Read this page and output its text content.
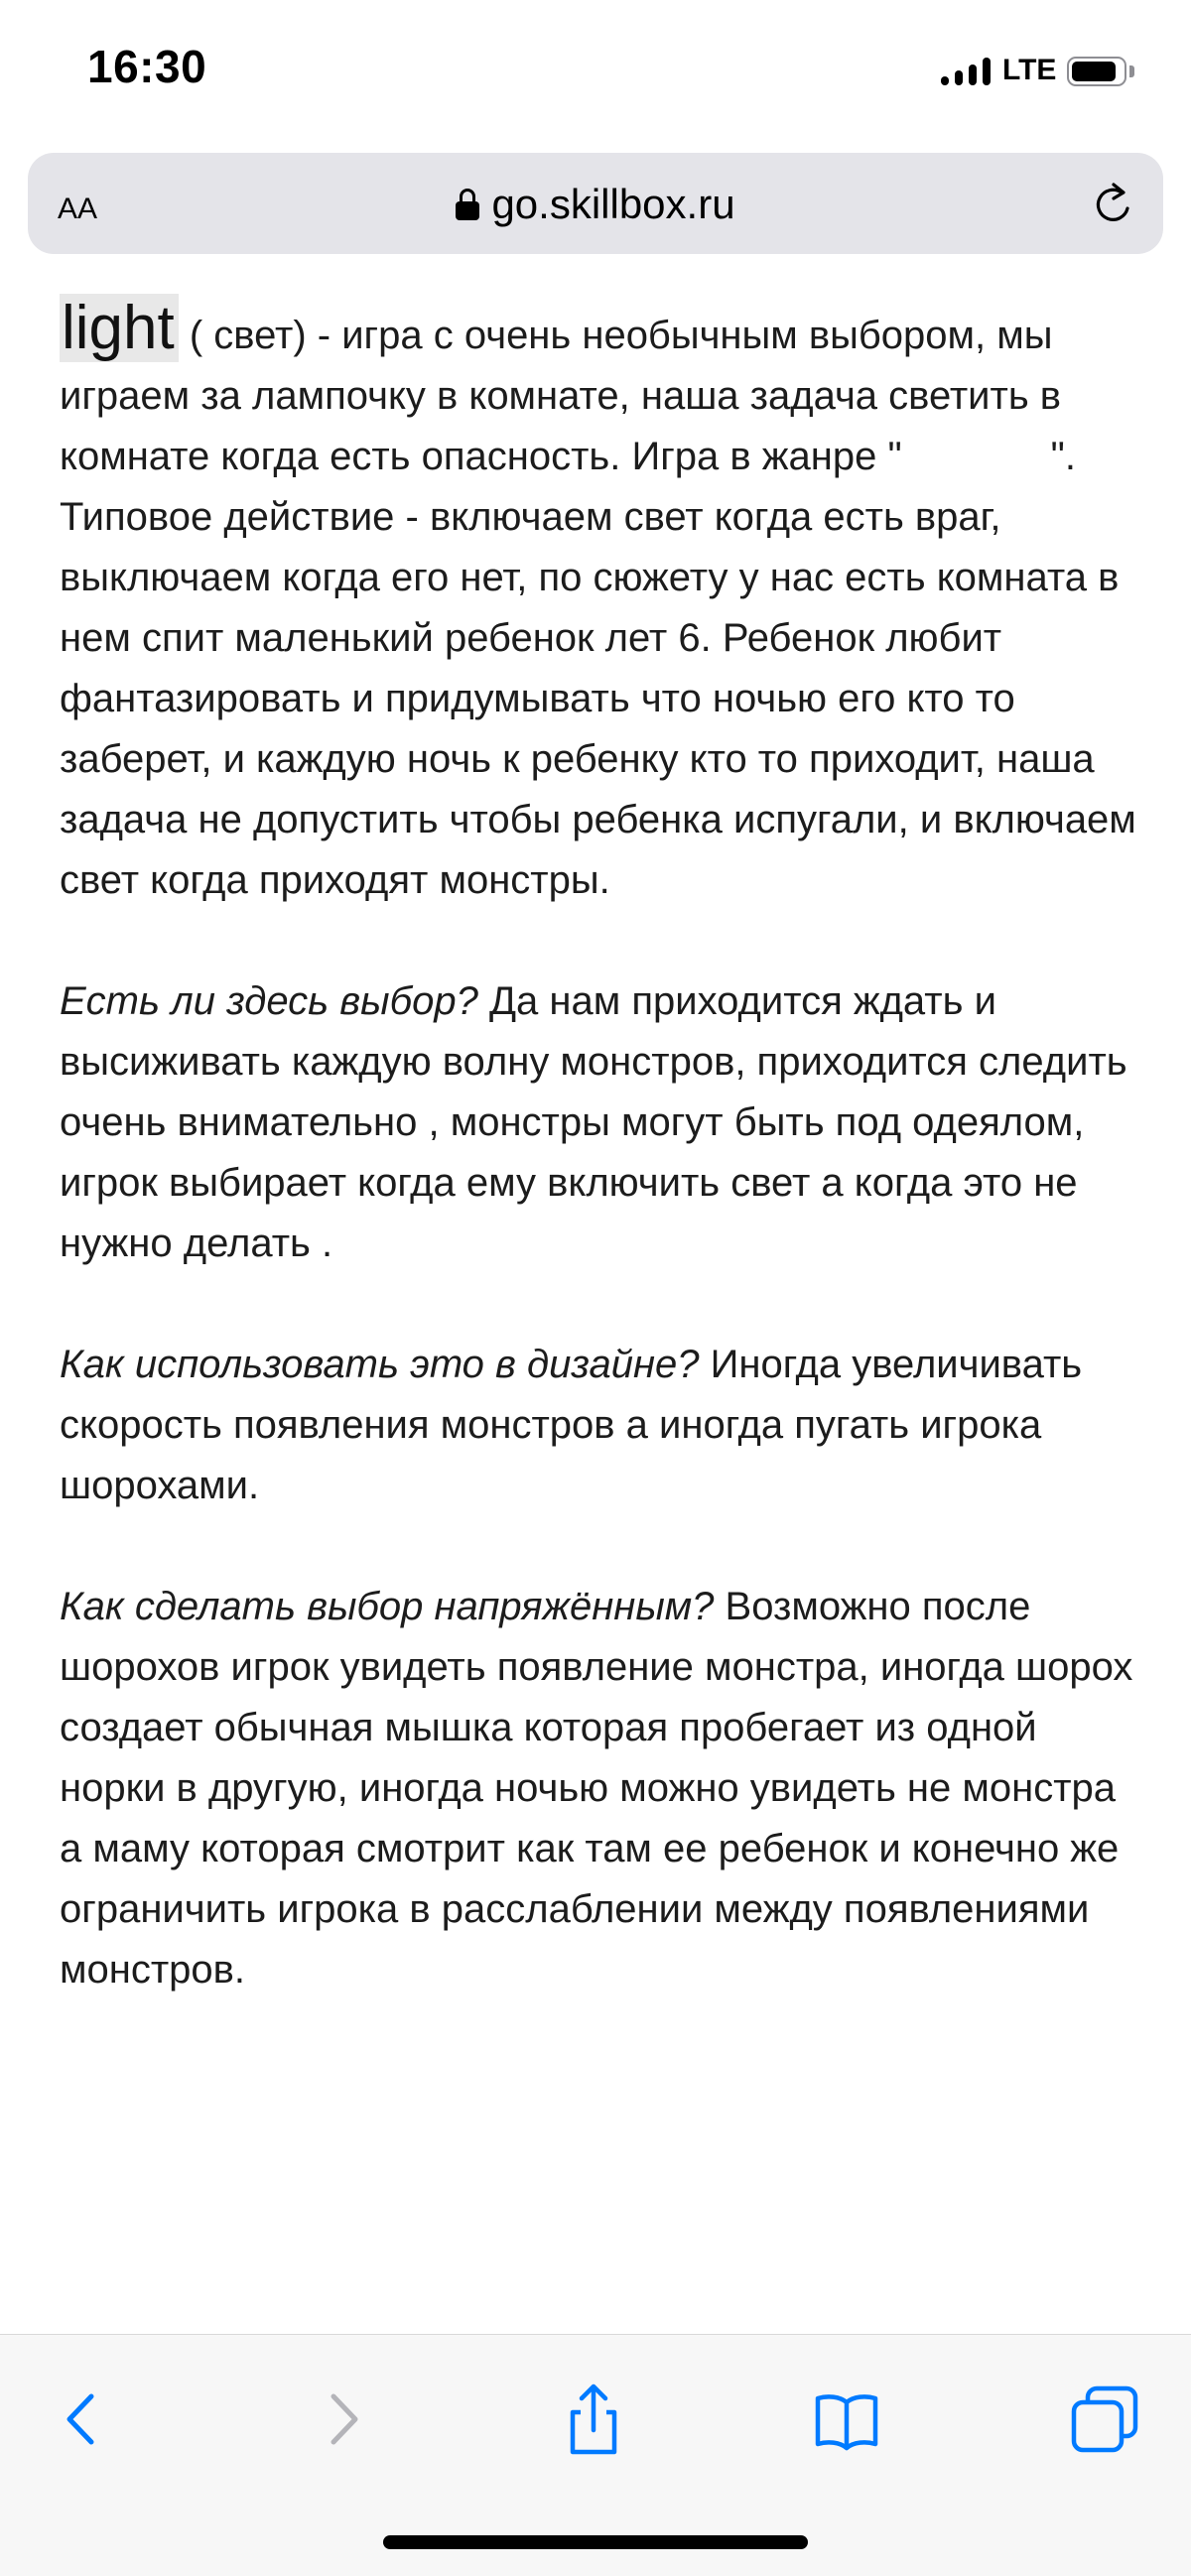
16:30	LTE
AA	go.skillbox.ru

light ( свет) - игра с очень необычным выбором, мы играем за лампочку в комнате, наша задача светить в комнате когда есть опасность. Игра в жанре "	". Типовое действие - включаем свет когда есть враг, выключаем когда его нет, по сюжету у нас есть комната в нем спит маленький ребенок лет 6. Ребенок любит фантазировать и придумывать что ночью его кто то заберет, и каждую ночь к ребенку кто то приходит, наша задача не допустить чтобы ребенка испугали, и включаем свет когда приходят монстры.

Есть ли здесь выбор? Да нам приходится ждать и высиживать каждую волну монстров, приходится следить очень внимательно , монстры могут быть под одеялом, игрок выбирает когда ему включить свет а когда это не нужно делать .

Как использовать это в дизайне? Иногда увеличивать скорость появления монстров а иногда пугать игрока шорохами.

Как сделать выбор напряжённым? Возможно после шорохов игрок увидеть появление монстра, иногда шорох создает обычная мышка которая пробегает из одной норки в другую, иногда ночью можно увидеть не монстра а маму которая смотрит как там ее ребенок и конечно же ограничить игрока в расслаблении между появлениями монстров.
